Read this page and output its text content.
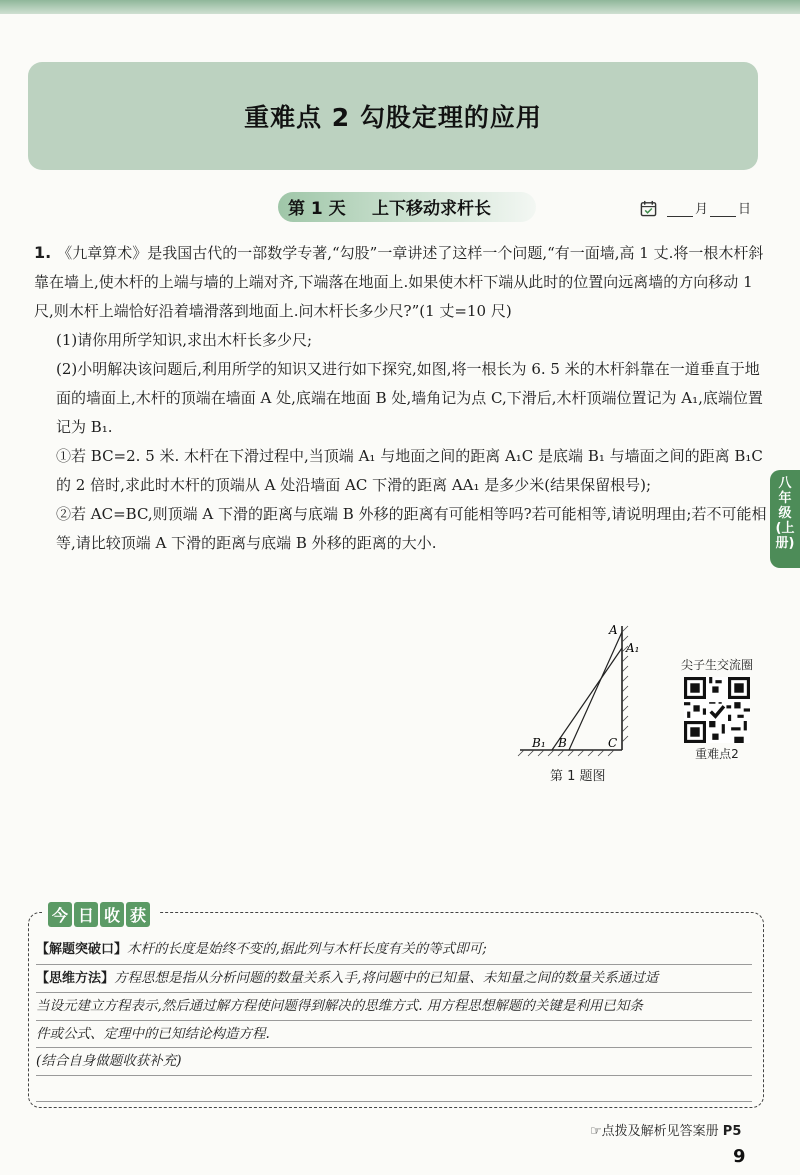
重难点 2 勾股定理的应用
第 1 天 上下移动求杆长	月 日

1. 《九章算术》是我国古代的一部数学专著,“勾股”一章讲述了这样一个问题,“有一面墙,高 1 丈.将一根木杆斜靠在墙上,使木杆的上端与墙的上端对齐,下端落在地面上.如果使木杆下端从此时的位置向远离墙的方向移动 1 尺,则木杆上端恰好沿着墙滑落到地面上.问木杆长多少尺?”(1 丈=10 尺)

(1)请你用所学知识,求出木杆长多少尺;

(2)小明解决该问题后,利用所学的知识又进行如下探究,如图,将一根长为 6. 5 米的木杆斜靠在一道垂直于地面的墙面上,木杆的顶端在墙面 A 处,底端在地面 B 处,墙角记为点 C,下滑后,木杆顶端位置记为 A₁,底端位置记为 B₁.

①若 BC=2. 5 米. 木杆在下滑过程中,当顶端 A₁ 与地面之间的距离 A₁C 是底端 B₁ 与墙面之间的距离 B₁C 的 2 倍时,求此时木杆的顶端从 A 处沿墙面 AC 下滑的距离 AA₁ 是多少米(结果保留根号);

②若 AC=BC,则顶端 A 下滑的距离与底端 B 外移的距离有可能相等吗?若可能相等,请说明理由;若不可能相等,请比较顶端 A 下滑的距离与底端 B 外移的距离的大小.

八
年
级
(上
册)
A
A₁
B₁ B	C
第 1 题图
尖子生交流圈
重难点2
今 日 收 获
【解题突破口】木杆的长度是始终不变的,据此列与木杆长度有关的等式即可;
【思维方法】方程思想是指从分析问题的数量关系入手,将问题中的已知量、未知量之间的数量关系通过适
当设元建立方程表示,然后通过解方程使问题得到解决的思维方式. 用方程思想解题的关键是利用已知条
件或公式、定理中的已知结论构造方程.
(结合自身做题收获补充)
☞点拨及解析见答案册 P5
9
